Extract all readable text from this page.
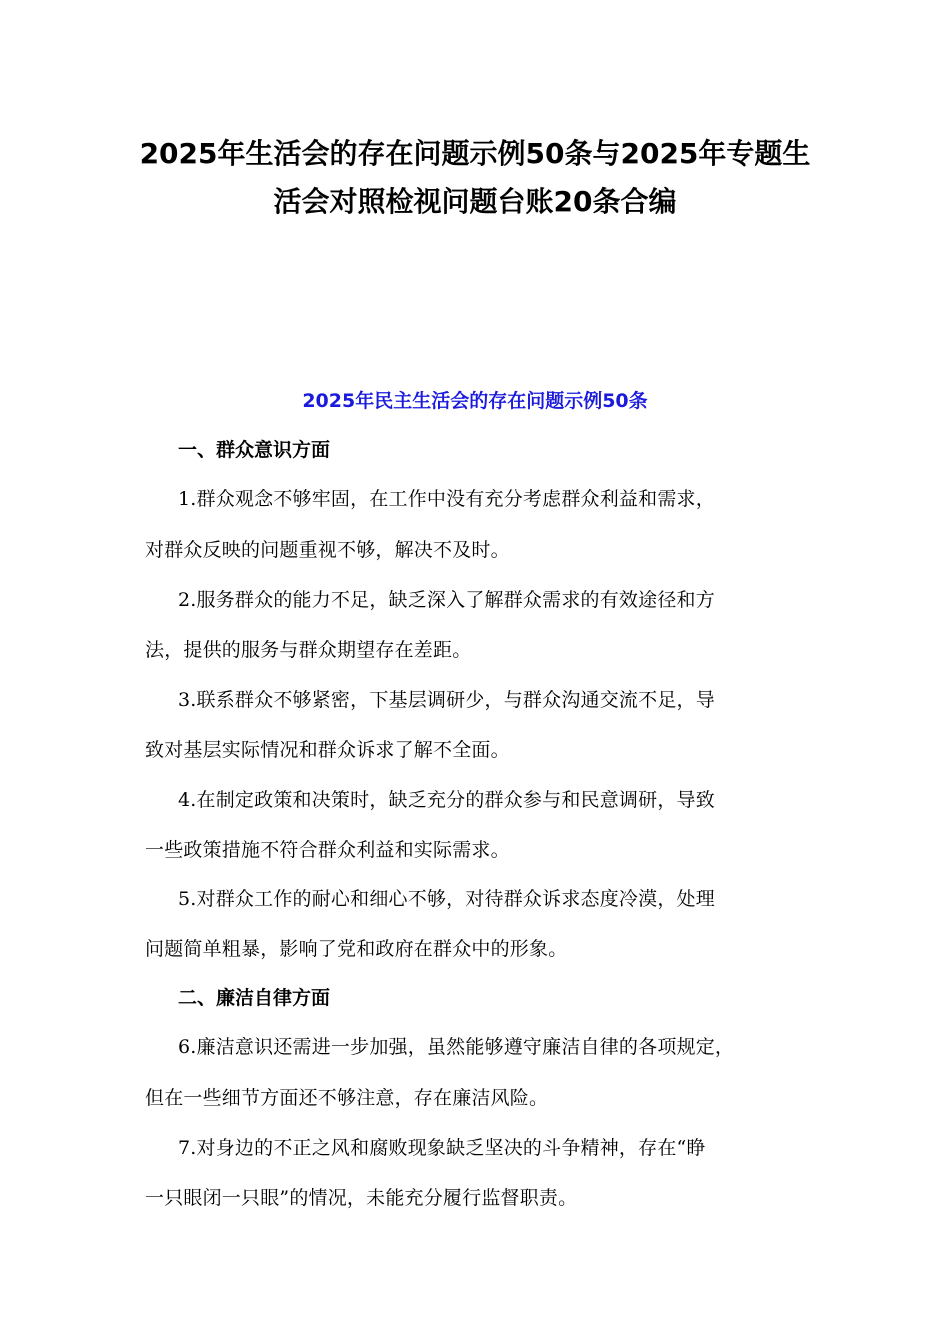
2025年生活会的存在问题示例50条与2025年专题生
活会对照检视问题台账20条合编
2025年民主生活会的存在问题示例50条
一、群众意识方面
1.群众观念不够牢固，在工作中没有充分考虑群众利益和需求，
对群众反映的问题重视不够，解决不及时。
2.服务群众的能力不足，缺乏深入了解群众需求的有效途径和方
法，提供的服务与群众期望存在差距。
3.联系群众不够紧密，下基层调研少，与群众沟通交流不足，导
致对基层实际情况和群众诉求了解不全面。
4.在制定政策和决策时，缺乏充分的群众参与和民意调研，导致
一些政策措施不符合群众利益和实际需求。
5.对群众工作的耐心和细心不够，对待群众诉求态度冷漠，处理
问题简单粗暴，影响了党和政府在群众中的形象。
二、廉洁自律方面
6.廉洁意识还需进一步加强，虽然能够遵守廉洁自律的各项规定，
但在一些细节方面还不够注意，存在廉洁风险。
7.对身边的不正之风和腐败现象缺乏坚决的斗争精神，存在“睁
一只眼闭一只眼”的情况，未能充分履行监督职责。
